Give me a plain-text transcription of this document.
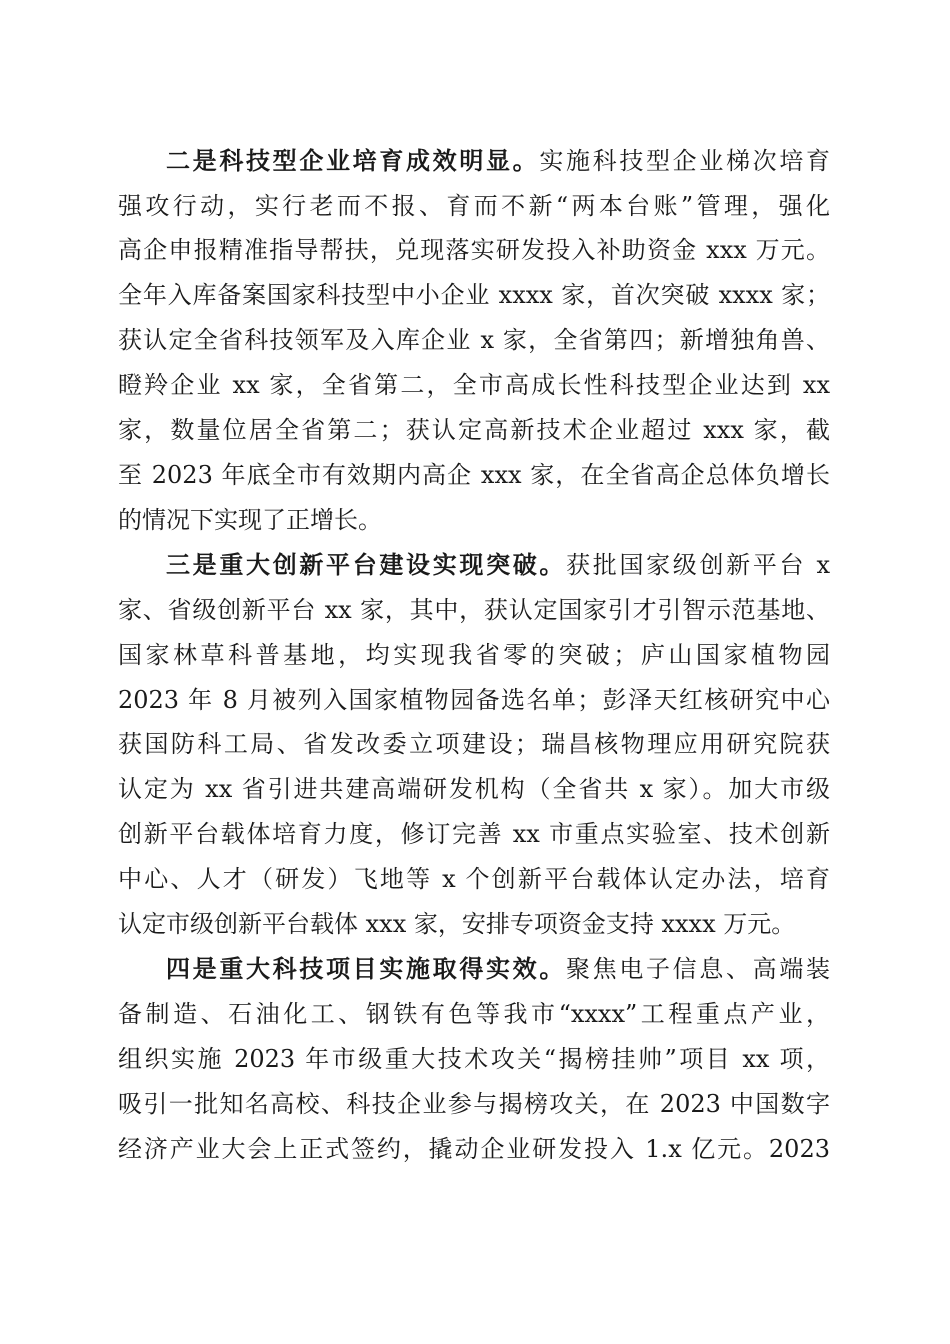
二是科技型企业培育成效明显。实施科技型企业梯次培育

强攻行动，实行老而不报、育而不新“两本台账”管理，强化

高企申报精准指导帮扶，兑现落实研发投入补助资金 xxx 万元。

全年入库备案国家科技型中小企业 xxxx 家，首次突破 xxxx 家；

获认定全省科技领军及入库企业 x 家，全省第四；新增独角兽、

瞪羚企业 xx 家，全省第二，全市高成长性科技型企业达到 xx

家，数量位居全省第二；获认定高新技术企业超过 xxx 家，截

至 2023 年底全市有效期内高企 xxx 家，在全省高企总体负增长

的情况下实现了正增长。

三是重大创新平台建设实现突破。获批国家级创新平台 x

家、省级创新平台 xx 家，其中，获认定国家引才引智示范基地、

国家林草科普基地，均实现我省零的突破；庐山国家植物园

2023 年 8 月被列入国家植物园备选名单；彭泽天红核研究中心

获国防科工局、省发改委立项建设；瑞昌核物理应用研究院获

认定为 xx 省引进共建高端研发机构（全省共 x 家）。加大市级

创新平台载体培育力度，修订完善 xx 市重点实验室、技术创新

中心、人才（研发）飞地等 x 个创新平台载体认定办法，培育

认定市级创新平台载体 xxx 家，安排专项资金支持 xxxx 万元。

四是重大科技项目实施取得实效。聚焦电子信息、高端装

备制造、石油化工、钢铁有色等我市“xxxx”工程重点产业，

组织实施 2023 年市级重大技术攻关“揭榜挂帅”项目 xx 项，

吸引一批知名高校、科技企业参与揭榜攻关，在 2023 中国数字

经济产业大会上正式签约，撬动企业研发投入 1.x 亿元。2023
